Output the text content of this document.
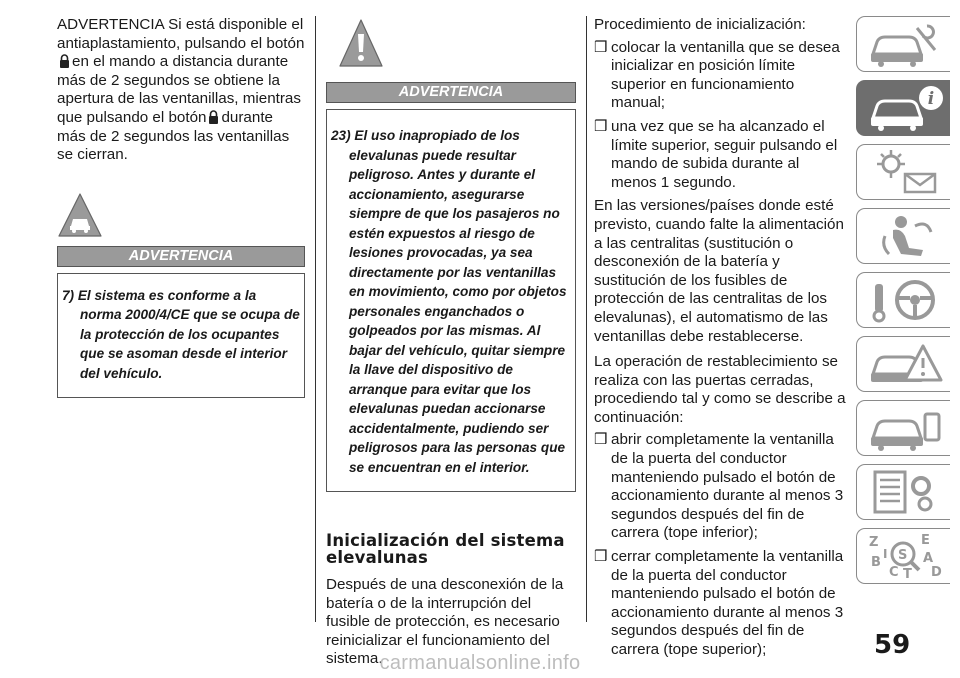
ADVERTENCIA Si está disponible el antiaplastamiento, pulsando el botón
en el mando a distancia durante más de 2 segundos se obtiene la apertura de las ventanillas, mientras que pulsando el botón durante más de 2 segundos las ventanillas se cierran.

ADVERTENCIA
7) El sistema es conforme a la norma 2000/4/CE que se ocupa de la protección de los ocupantes que se asoman desde el interior del vehículo.
ADVERTENCIA
23) El uso inapropiado de los elevalunas puede resultar peligroso. Antes y durante el accionamiento, asegurarse siempre de que los pasajeros no estén expuestos al riesgo de lesiones provocadas, ya sea directamente por las ventanillas en movimiento, como por objetos personales enganchados o golpeados por las mismas. Al bajar del vehículo, quitar siempre la llave del dispositivo de arranque para evitar que los elevalunas puedan accionarse accidentalmente, pudiendo ser peligrosos para las personas que se encuentran en el interior.
Inicialización del sistema elevalunas

Después de una desconexión de la batería o de la interrupción del fusible de protección, es necesario reinicializar el funcionamiento del sistema.

Procedimiento de inicialización:

❒ colocar la ventanilla que se desea inicializar en posición límite superior en funcionamiento manual;
❒ una vez que se ha alcanzado el límite superior, seguir pulsando el mando de subida durante al menos 1 segundo.

En las versiones/países donde esté previsto, cuando falte la alimentación a las centralitas (sustitución o desconexión de la batería y sustitución de los fusibles de protección de las centralitas de los elevalunas), el automatismo de las ventanillas debe restablecerse.

La operación de restablecimiento se realiza con las puertas cerradas, procediendo tal y como se describe a continuación:

❒ abrir completamente la ventanilla de la puerta del conductor manteniendo pulsado el botón de accionamiento durante al menos 3 segundos después del fin de carrera (tope inferior);
❒ cerrar completamente la ventanilla de la puerta del conductor manteniendo pulsado el botón de accionamiento durante al menos 3 segundos después del fin de carrera (tope superior);
i
Z	E
A
B
C T D
I S
59
carmanualsonline.info
